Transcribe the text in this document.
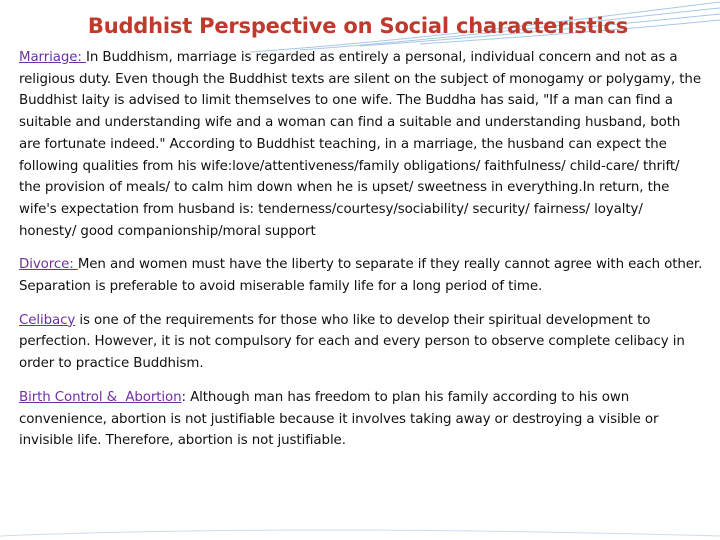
Buddhist Perspective on Social characteristics

Marriage: In Buddhism, marriage is regarded as entirely a personal, individual concern and not as a religious duty. Even though the Buddhist texts are silent on the subject of monogamy or polygamy, the Buddhist laity is advised to limit themselves to one wife. The Buddha has said, "If a man can find a suitable and understanding wife and a woman can find a suitable and understanding husband, both are fortunate indeed." According to Buddhist teaching, in a marriage, the husband can expect the following qualities from his wife:love/attentiveness/family obligations/ faithfulness/ child-care/ thrift/ the provision of meals/ to calm him down when he is upset/ sweetness in everything.In return, the wife's expectation from husband is: tenderness/courtesy/sociability/ security/ fairness/ loyalty/ honesty/ good companionship/moral support

Divorce: Men and women must have the liberty to separate if they really cannot agree with each other. Separation is preferable to avoid miserable family life for a long period of time.

Celibacy is one of the requirements for those who like to develop their spiritual development to perfection. However, it is not compulsory for each and every person to observe complete celibacy in order to practice Buddhism.

Birth Control &  Abortion: Although man has freedom to plan his family according to his own convenience, abortion is not justifiable because it involves taking away or destroying a visible or invisible life. Therefore, abortion is not justifiable.
